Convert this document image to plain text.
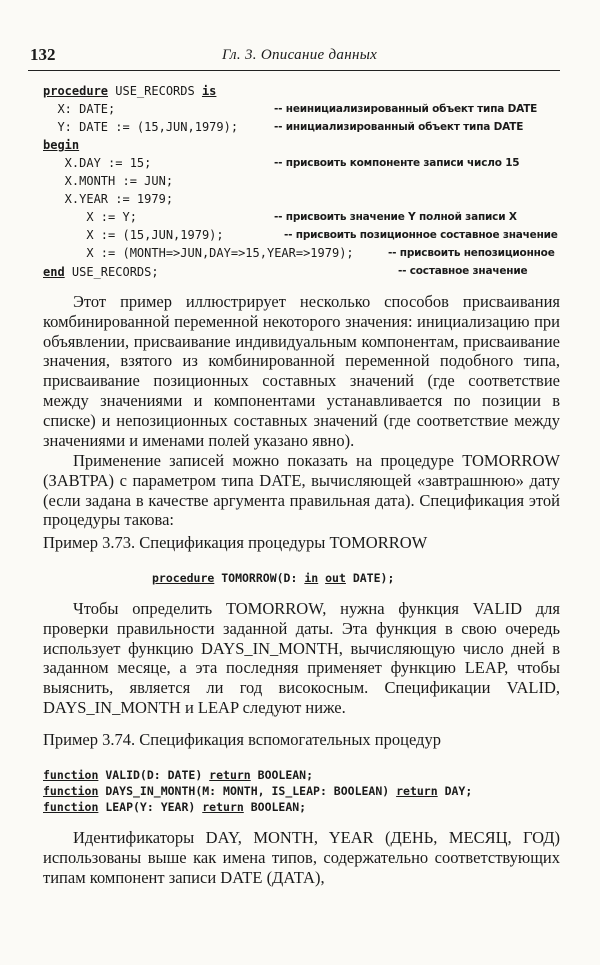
132	Гл. 3. Описание данных
procedure USE_RECORDS is
X: DATE;	-- неинициализированный объект типа DATE
Y: DATE := (15,JUN,1979);	-- инициализированный объект типа DATE
begin
X.DAY := 15;	-- присвоить компоненте записи число 15
X.MONTH := JUN;
X.YEAR := 1979;
X := Y;	-- присвоить значение Y полной записи X
X := (15,JUN,1979);	-- присвоить позиционное составное значение
X := (MONTH=>JUN,DAY=>15,YEAR=>1979);	-- присвоить непозиционное
-- составное значение
end USE_RECORDS;
Этот пример иллюстрирует несколько способов присваивания комбинированной переменной некоторого значения: инициализацию при объявлении, присваивание индивидуальным компонентам, присваивание значения, взятого из комбинированной переменной подобного типа, присваивание позиционных составных значений (где соответствие между значениями и компонентами устанавливается по позиции в списке) и непозиционных составных значений (где соответствие между значениями и именами полей указано явно).
Применение записей можно показать на процедуре TOMORROW (ЗАВТРА) с параметром типа DATE, вычисляющей «завтрашнюю» дату (если задана в качестве аргумента правильная дата). Спецификация этой процедуры такова:
Пример 3.73. Спецификация процедуры TOMORROW
procedure TOMORROW(D: in out DATE);
Чтобы определить TOMORROW, нужна функция VALID для проверки правильности заданной даты. Эта функция в свою очередь использует функцию DAYS_IN_MONTH, вычисляющую число дней в заданном месяце, а эта последняя применяет функцию LEAP, чтобы выяснить, является ли год високосным. Спецификации VALID, DAYS_IN_MONTH и LEAP следуют ниже.
Пример 3.74. Спецификация вспомогательных процедур
function VALID(D: DATE) return BOOLEAN;
function DAYS_IN_MONTH(M: MONTH, IS_LEAP: BOOLEAN) return DAY;
function LEAP(Y: YEAR) return BOOLEAN;
Идентификаторы DAY, MONTH, YEAR (ДЕНЬ, МЕСЯЦ, ГОД) использованы выше как имена типов, содержательно соответствующих типам компонент записи DATE (ДАТА),
